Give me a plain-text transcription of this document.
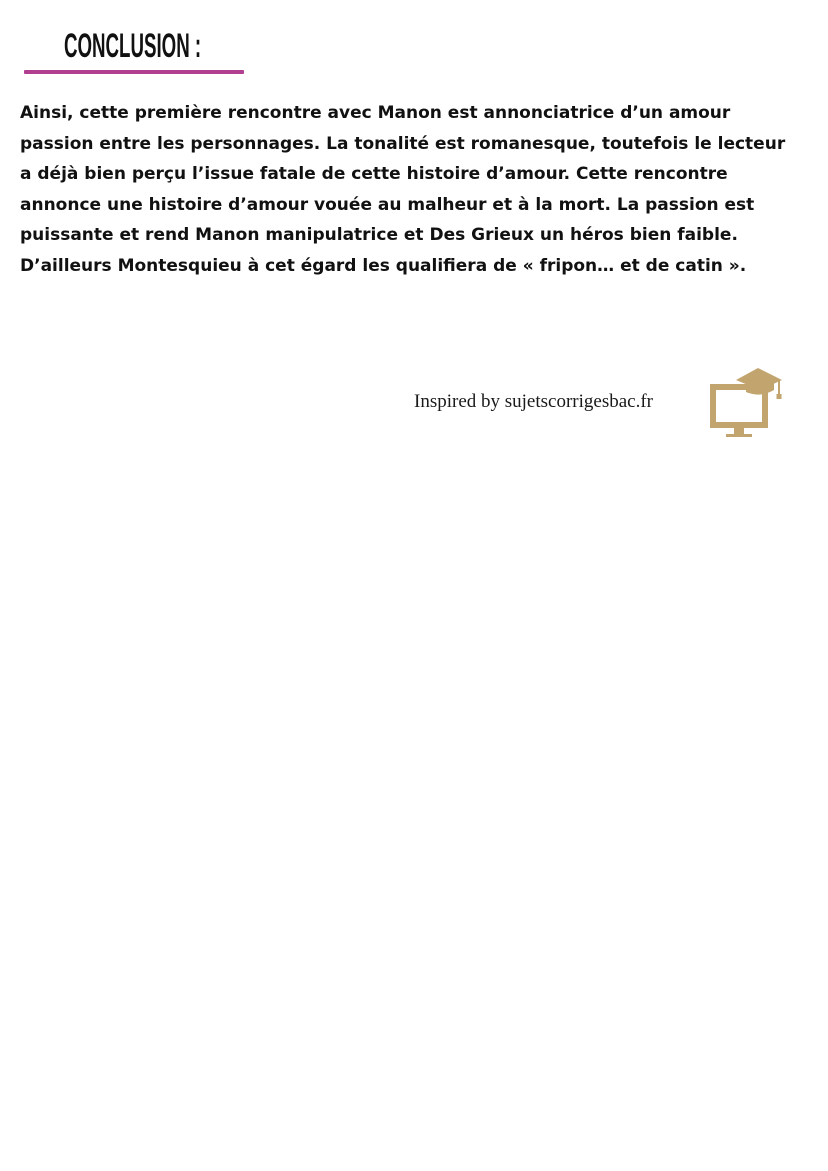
CONCLUSION :

Ainsi, cette première rencontre avec Manon est annonciatrice d’un amour passion entre les personnages. La tonalité est romanesque, toutefois le lecteur a déjà bien perçu l’issue fatale de cette histoire d’amour. Cette rencontre annonce une histoire d’amour vouée au malheur et à la mort. La passion est puissante et rend Manon manipulatrice et Des Grieux un héros bien faible.

D’ailleurs Montesquieu à cet égard les qualifiera de « fripon… et de catin ».

Inspired by sujetscorrigesbac.fr
